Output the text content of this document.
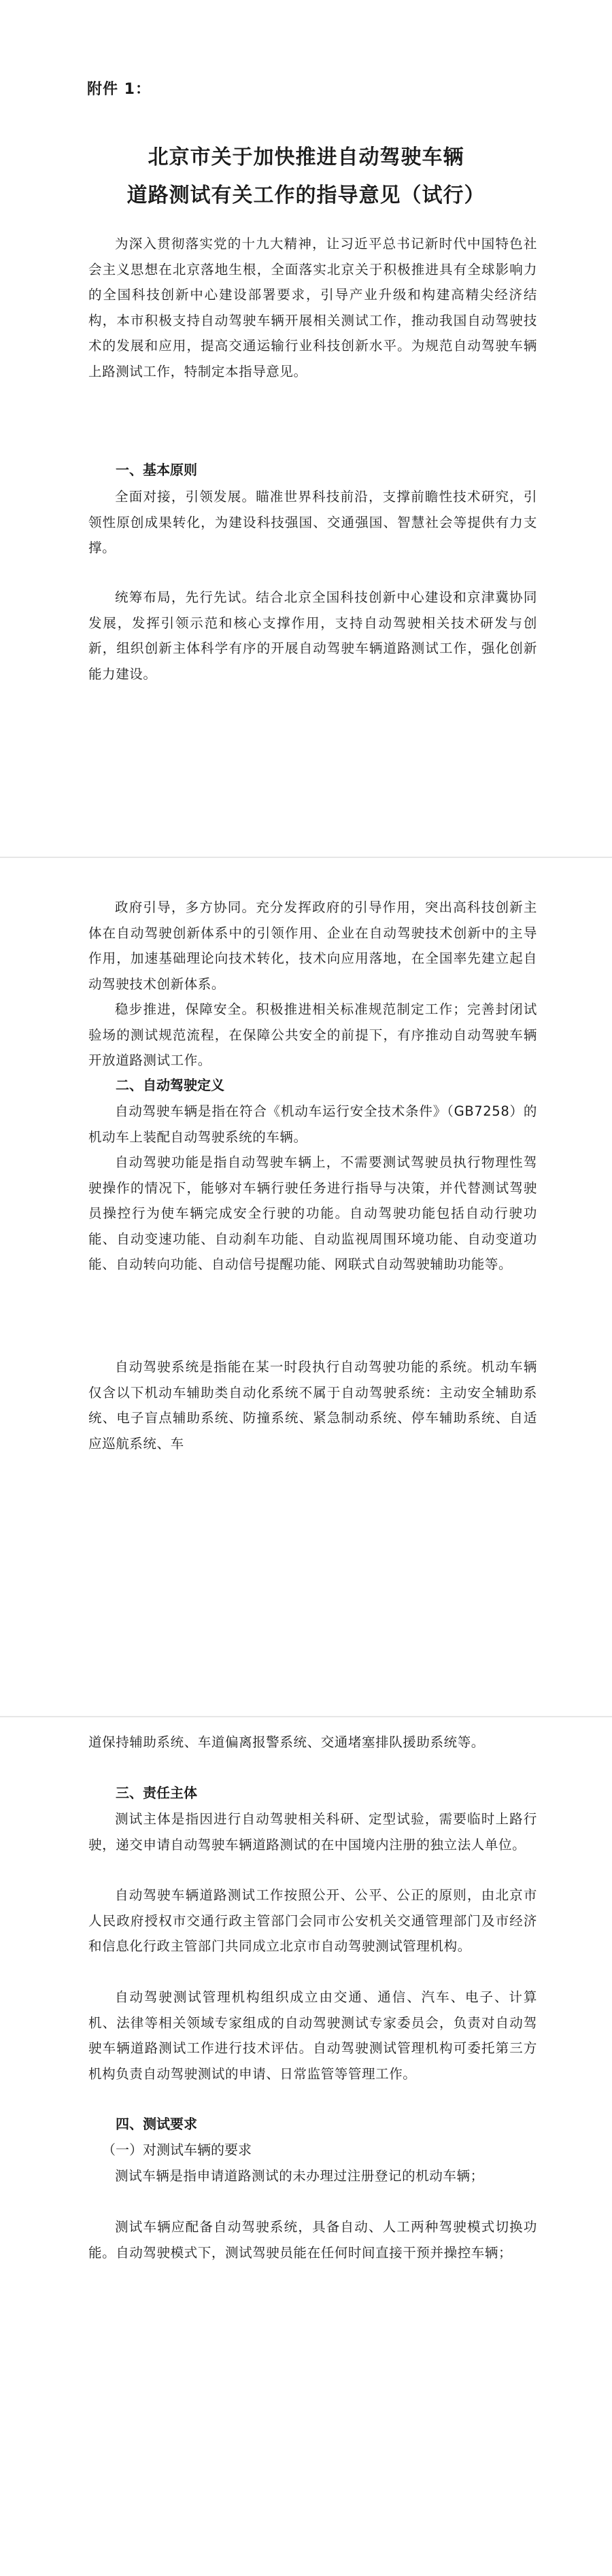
附件 1：
北京市关于加快推进自动驾驶车辆
道路测试有关工作的指导意见（试行）

为深入贯彻落实党的十九大精神，让习近平总书记新时代中国特色社会主义思想在北京落地生根，全面落实北京关于积极推进具有全球影响力的全国科技创新中心建设部署要求，引导产业升级和构建高精尖经济结构，本市积极支持自动驾驶车辆开展相关测试工作，推动我国自动驾驶技术的发展和应用，提高交通运输行业科技创新水平。为规范自动驾驶车辆上路测试工作，特制定本指导意见。

一、基本原则

全面对接，引领发展。瞄准世界科技前沿，支撑前瞻性技术研究，引领性原创成果转化，为建设科技强国、交通强国、智慧社会等提供有力支撑。

统筹布局，先行先试。结合北京全国科技创新中心建设和京津冀协同发展，发挥引领示范和核心支撑作用，支持自动驾驶相关技术研发与创新，组织创新主体科学有序的开展自动驾驶车辆道路测试工作，强化创新能力建设。

政府引导，多方协同。充分发挥政府的引导作用，突出高科技创新主体在自动驾驶创新体系中的引领作用、企业在自动驾驶技术创新中的主导作用，加速基础理论向技术转化，技术向应用落地，在全国率先建立起自动驾驶技术创新体系。

稳步推进，保障安全。积极推进相关标准规范制定工作；完善封闭试验场的测试规范流程，在保障公共安全的前提下，有序推动自动驾驶车辆开放道路测试工作。

二、自动驾驶定义

自动驾驶车辆是指在符合《机动车运行安全技术条件》（GB7258）的机动车上装配自动驾驶系统的车辆。

自动驾驶功能是指自动驾驶车辆上，不需要测试驾驶员执行物理性驾驶操作的情况下，能够对车辆行驶任务进行指导与决策，并代替测试驾驶员操控行为使车辆完成安全行驶的功能。自动驾驶功能包括自动行驶功能、自动变速功能、自动刹车功能、自动监视周围环境功能、自动变道功能、自动转向功能、自动信号提醒功能、网联式自动驾驶辅助功能等。

自动驾驶系统是指能在某一时段执行自动驾驶功能的系统。机动车辆仅含以下机动车辅助类自动化系统不属于自动驾驶系统：主动安全辅助系统、电子盲点辅助系统、防撞系统、紧急制动系统、停车辅助系统、自适应巡航系统、车

道保持辅助系统、车道偏离报警系统、交通堵塞排队援助系统等。

三、责任主体

测试主体是指因进行自动驾驶相关科研、定型试验，需要临时上路行驶，递交申请自动驾驶车辆道路测试的在中国境内注册的独立法人单位。

自动驾驶车辆道路测试工作按照公开、公平、公正的原则，由北京市人民政府授权市交通行政主管部门会同市公安机关交通管理部门及市经济和信息化行政主管部门共同成立北京市自动驾驶测试管理机构。

自动驾驶测试管理机构组织成立由交通、通信、汽车、电子、计算机、法律等相关领域专家组成的自动驾驶测试专家委员会，负责对自动驾驶车辆道路测试工作进行技术评估。自动驾驶测试管理机构可委托第三方机构负责自动驾驶测试的申请、日常监管等管理工作。

四、测试要求

（一）对测试车辆的要求

测试车辆是指申请道路测试的未办理过注册登记的机动车辆；

测试车辆应配备自动驾驶系统，具备自动、人工两种驾驶模式切换功能。自动驾驶模式下，测试驾驶员能在任何时间直接干预并操控车辆；
